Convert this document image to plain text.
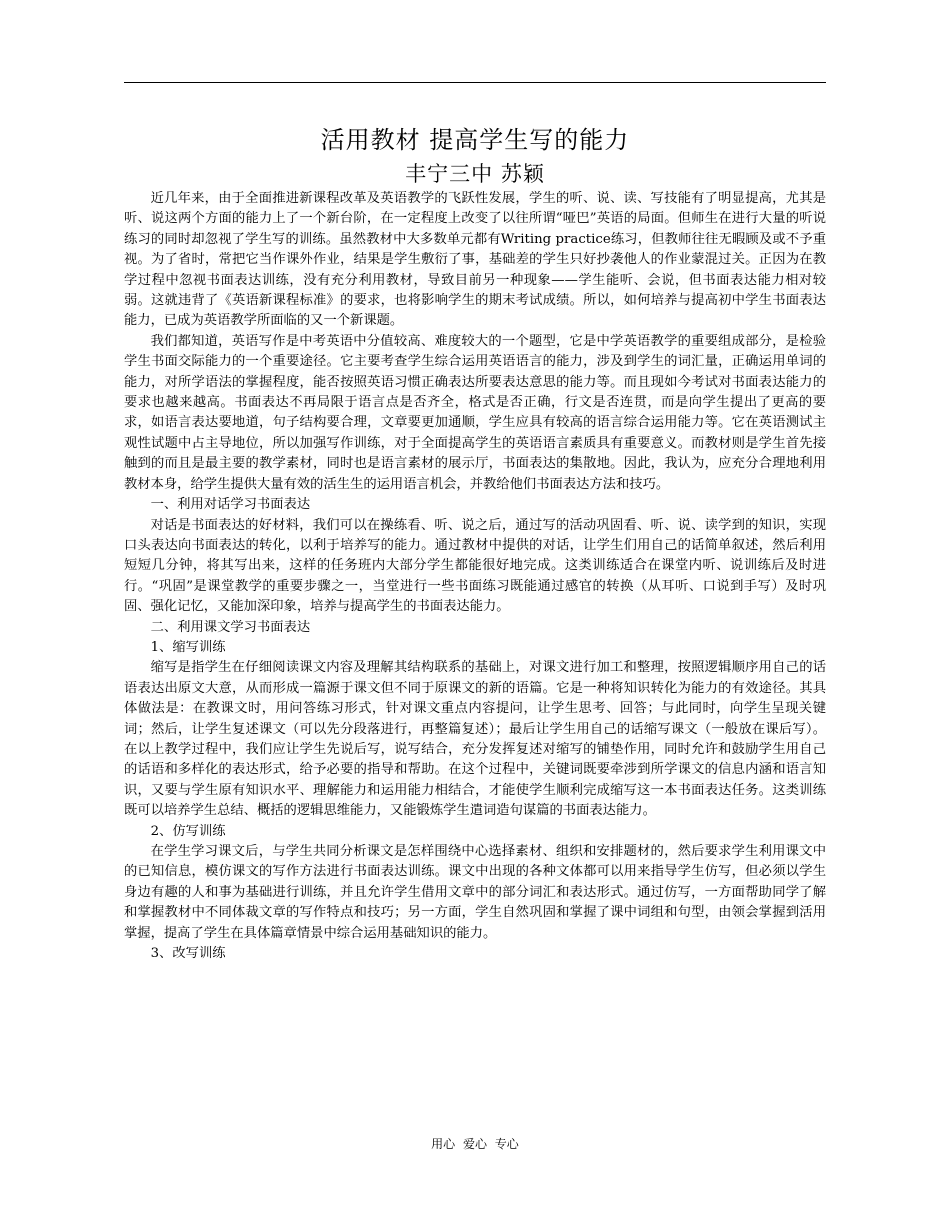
活用教材 提高学生写的能力
丰宁三中 苏颖

近几年来，由于全面推进新课程改革及英语教学的飞跃性发展，学生的听、说、读、写技能有了明显提高，尤其是听、说这两个方面的能力上了一个新台阶，在一定程度上改变了以往所谓“哑巴”英语的局面。但师生在进行大量的听说练习的同时却忽视了学生写的训练。虽然教材中大多数单元都有Writing practice练习，但教师往往无暇顾及或不予重视。为了省时，常把它当作课外作业，结果是学生敷衍了事，基础差的学生只好抄袭他人的作业蒙混过关。正因为在教学过程中忽视书面表达训练，没有充分利用教材，导致目前另一种现象——学生能听、会说，但书面表达能力相对较弱。这就违背了《英语新课程标准》的要求，也将影响学生的期末考试成绩。所以，如何培养与提高初中学生书面表达能力，已成为英语教学所面临的又一个新课题。

我们都知道，英语写作是中考英语中分值较高、难度较大的一个题型，它是中学英语教学的重要组成部分，是检验学生书面交际能力的一个重要途径。它主要考查学生综合运用英语语言的能力，涉及到学生的词汇量，正确运用单词的能力，对所学语法的掌握程度，能否按照英语习惯正确表达所要表达意思的能力等。而且现如今考试对书面表达能力的要求也越来越高。书面表达不再局限于语言点是否齐全，格式是否正确，行文是否连贯，而是向学生提出了更高的要求，如语言表达要地道，句子结构要合理，文章要更加通顺，学生应具有较高的语言综合运用能力等。它在英语测试主观性试题中占主导地位，所以加强写作训练，对于全面提高学生的英语语言素质具有重要意义。而教材则是学生首先接触到的而且是最主要的教学素材，同时也是语言素材的展示厅，书面表达的集散地。因此，我认为，应充分合理地利用教材本身，给学生提供大量有效的活生生的运用语言机会，并教给他们书面表达方法和技巧。

一、利用对话学习书面表达

对话是书面表达的好材料，我们可以在操练看、听、说之后，通过写的活动巩固看、听、说、读学到的知识，实现口头表达向书面表达的转化，以利于培养写的能力。通过教材中提供的对话，让学生们用自己的话简单叙述，然后利用短短几分钟，将其写出来，这样的任务班内大部分学生都能很好地完成。这类训练适合在课堂内听、说训练后及时进行。“巩固”是课堂教学的重要步骤之一，当堂进行一些书面练习既能通过感官的转换（从耳听、口说到手写）及时巩固、强化记忆，又能加深印象，培养与提高学生的书面表达能力。

二、利用课文学习书面表达

1、缩写训练

缩写是指学生在仔细阅读课文内容及理解其结构联系的基础上，对课文进行加工和整理，按照逻辑顺序用自己的话语表达出原文大意，从而形成一篇源于课文但不同于原课文的新的语篇。它是一种将知识转化为能力的有效途径。其具体做法是：在教课文时，用问答练习形式，针对课文重点内容提问，让学生思考、回答；与此同时，向学生呈现关键词；然后，让学生复述课文（可以先分段落进行，再整篇复述）；最后让学生用自己的话缩写课文（一般放在课后写）。在以上教学过程中，我们应让学生先说后写，说写结合，充分发挥复述对缩写的铺垫作用，同时允许和鼓励学生用自己的话语和多样化的表达形式，给予必要的指导和帮助。在这个过程中，关键词既要牵涉到所学课文的信息内涵和语言知识，又要与学生原有知识水平、理解能力和运用能力相结合，才能使学生顺利完成缩写这一本书面表达任务。这类训练既可以培养学生总结、概括的逻辑思维能力，又能锻炼学生遣词造句谋篇的书面表达能力。

2、仿写训练

在学生学习课文后，与学生共同分析课文是怎样围绕中心选择素材、组织和安排题材的，然后要求学生利用课文中的已知信息，模仿课文的写作方法进行书面表达训练。课文中出现的各种文体都可以用来指导学生仿写，但必须以学生身边有趣的人和事为基础进行训练，并且允许学生借用文章中的部分词汇和表达形式。通过仿写，一方面帮助同学了解和掌握教材中不同体裁文章的写作特点和技巧；另一方面，学生自然巩固和掌握了课中词组和句型，由领会掌握到活用掌握，提高了学生在具体篇章情景中综合运用基础知识的能力。

3、改写训练

用心 爱心 专心
